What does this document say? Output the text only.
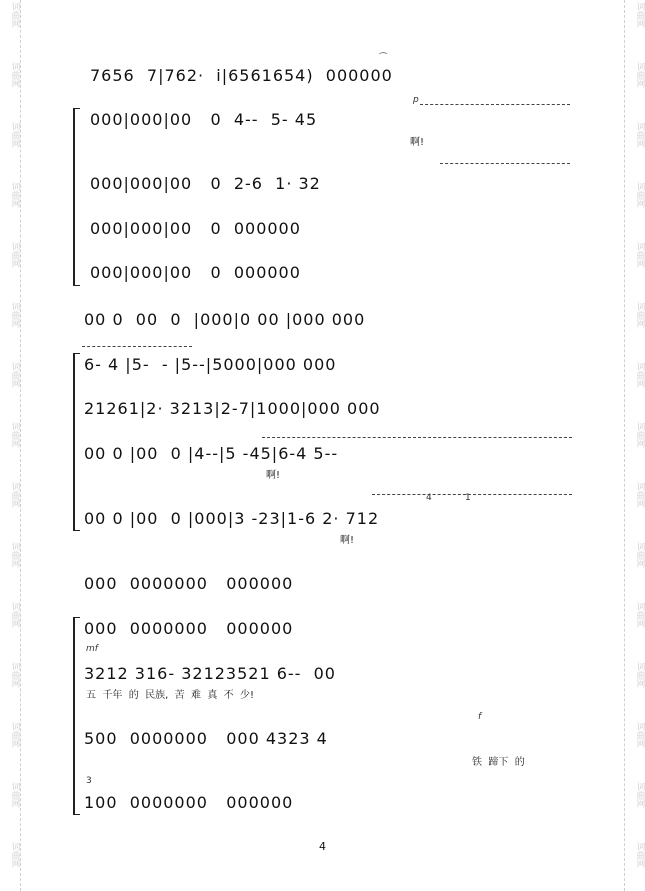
词曲网
词曲网
词曲网
词曲网
词曲网
词曲网
词曲网
词曲网
词曲网
词曲网
词曲网
词曲网
词曲网
词曲网
词曲网
词曲网
词曲网
词曲网
词曲网
词曲网
词曲网
词曲网
词曲网
词曲网
词曲网
词曲网
词曲网
词曲网
词曲网
词曲网
7656  7|762·  i|6561654)  000000
⌒
000|000|00   0  4--  5- 45
p
啊!
000|000|00   0  2-6  1· 32
000|000|00   0  000000
000|000|00   0  000000
00 0  00  0  |000|0 00 |000 000
6- 4 |5-  - |5--|5000|000 000
21261|2· 3213|2-7|1000|000 000
00 0 |00  0 |4--|5 -45|6-4 5--
啊!
00 0 |00  0 |000|3 -23|1-6 2· 712
啊!
4	1
000  0000000   000000
000  0000000   000000
mf
3212 316- 32123521 6--  00
五  千年  的  民族,  苦  难  真  不  少!
500  0000000   000 4323 4
f
铁  蹄下  的
3
100  0000000   000000
4
